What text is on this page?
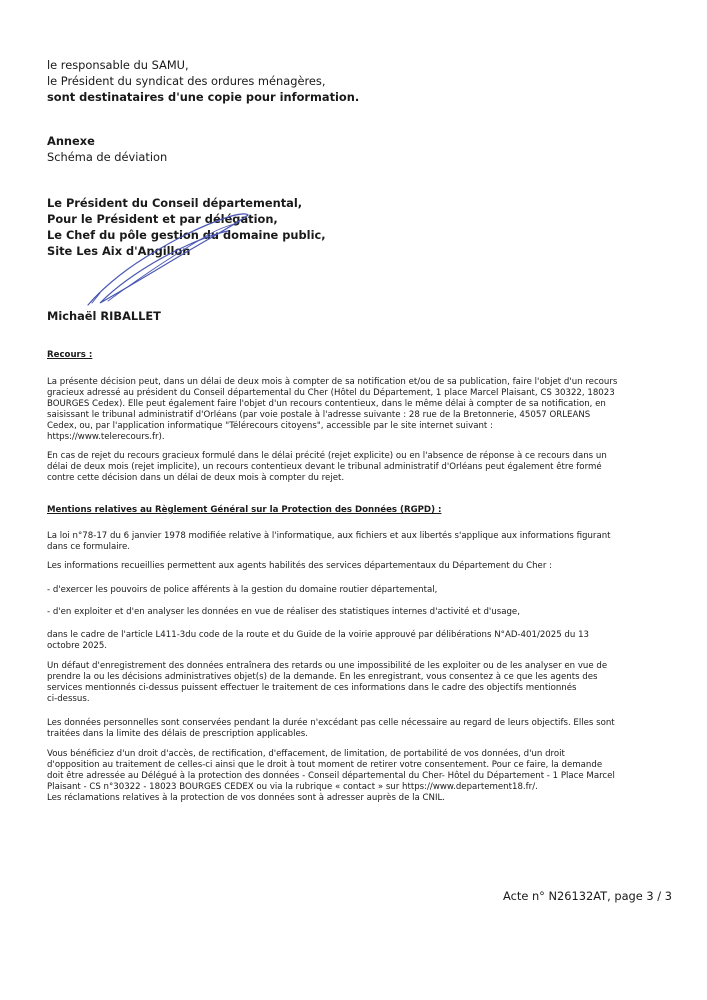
le responsable du SAMU,
le Président du syndicat des ordures ménagères,
sont destinataires d'une copie pour information.
Annexe
Schéma de déviation
Le Président du Conseil départemental,
Pour le Président et par délégation,
Le Chef du pôle gestion du domaine public,
Site Les Aix d'Angillon
Michaël RIBALLET
Recours :
La présente décision peut, dans un délai de deux mois à compter de sa notification et/ou de sa publication, faire l'objet d'un recours
gracieux adressé au président du Conseil départemental du Cher (Hôtel du Département, 1 place Marcel Plaisant, CS 30322, 18023
BOURGES Cedex). Elle peut également faire l'objet d'un recours contentieux, dans le même délai à compter de sa notification, en
saisissant le tribunal administratif d'Orléans (par voie postale à l'adresse suivante : 28 rue de la Bretonnerie, 45057 ORLEANS
Cedex, ou, par l'application informatique "Télérecours citoyens", accessible par le site internet suivant :
https://www.telerecours.fr).
En cas de rejet du recours gracieux formulé dans le délai précité (rejet explicite) ou en l'absence de réponse à ce recours dans un
délai de deux mois (rejet implicite), un recours contentieux devant le tribunal administratif d'Orléans peut également être formé
contre cette décision dans un délai de deux mois à compter du rejet.
Mentions relatives au Règlement Général sur la Protection des Données (RGPD) :
La loi n°78-17 du 6 janvier 1978 modifiée relative à l'informatique, aux fichiers et aux libertés s'applique aux informations figurant
dans ce formulaire.
Les informations recueillies permettent aux agents habilités des services départementaux du Département du Cher :
- d'exercer les pouvoirs de police afférents à la gestion du domaine routier départemental,
- d'en exploiter et d'en analyser les données en vue de réaliser des statistiques internes d'activité et d'usage,
dans le cadre de l'article L411-3du code de la route et du Guide de la voirie approuvé par délibérations N°AD-401/2025 du 13
octobre 2025.
Un défaut d'enregistrement des données entraînera des retards ou une impossibilité de les exploiter ou de les analyser en vue de
prendre la ou les décisions administratives objet(s) de la demande. En les enregistrant, vous consentez à ce que les agents des
services mentionnés ci-dessus puissent effectuer le traitement de ces informations dans le cadre des objectifs mentionnés
ci-dessus.
Les données personnelles sont conservées pendant la durée n'excédant pas celle nécessaire au regard de leurs objectifs. Elles sont
traitées dans la limite des délais de prescription applicables.
Vous bénéficiez d'un droit d'accès, de rectification, d'effacement, de limitation, de portabilité de vos données, d'un droit
d'opposition au traitement de celles-ci ainsi que le droit à tout moment de retirer votre consentement. Pour ce faire, la demande
doit être adressée au Délégué à la protection des données - Conseil départemental du Cher- Hôtel du Département - 1 Place Marcel
Plaisant - CS n°30322 - 18023 BOURGES CEDEX ou via la rubrique « contact » sur https://www.departement18.fr/.
Les réclamations relatives à la protection de vos données sont à adresser auprès de la CNIL.
Acte n° N26132AT, page 3 / 3
